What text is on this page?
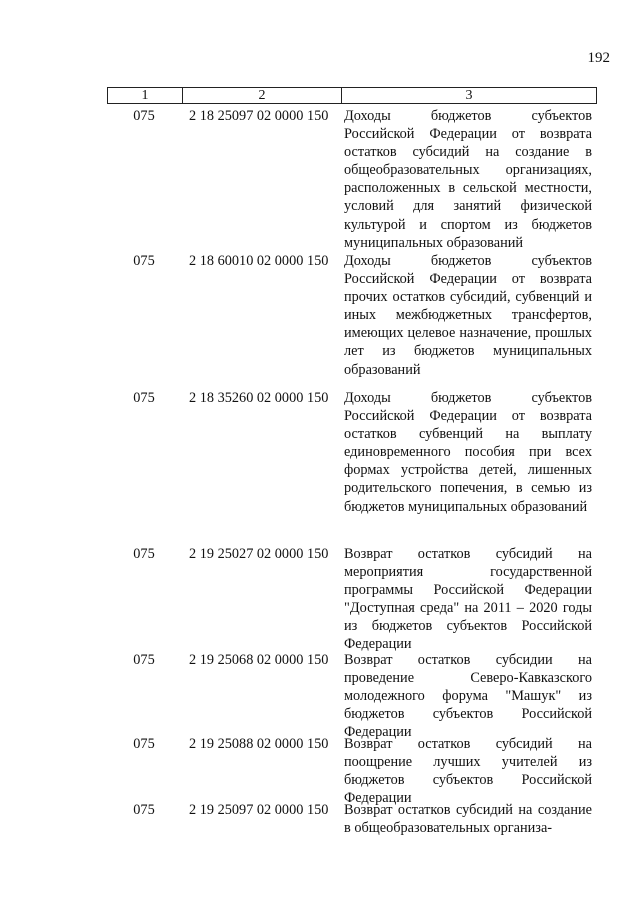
192
1	2	3
075	2 18 25097 02 0000 150	Доходы бюджетов субъектов Российской Федерации от возврата остатков субсидий на создание в общеобразовательных организациях, расположенных в сельской местности, условий для занятий физической культурой и спортом из бюджетов муниципальных образований
075	2 18 60010 02 0000 150	Доходы бюджетов субъектов Российской Федерации от возврата прочих остатков субсидий, субвенций и иных межбюджетных трансфертов, имеющих целевое назначение, прошлых лет из бюджетов муниципальных образований
075	2 18 35260 02 0000 150	Доходы бюджетов субъектов Российской Федерации от возврата остатков субвенций на выплату единовременного пособия при всех формах устройства детей, лишенных родительского попечения, в семью из бюджетов муниципальных образований
075	2 19 25027 02 0000 150	Возврат остатков субсидий на мероприятия государственной программы Российской Федерации "Доступная среда" на 2011 – 2020 годы из бюджетов субъектов Российской Федерации
075	2 19 25068 02 0000 150	Возврат остатков субсидии на проведение Северо-Кавказского молодежного форума "Машук" из бюджетов субъектов Российской Федерации
075	2 19 25088 02 0000 150	Возврат остатков субсидий на поощрение лучших учителей из бюджетов субъектов Российской Федерации
075	2 19 25097 02 0000 150	Возврат остатков субсидий на создание в общеобразовательных организа-
